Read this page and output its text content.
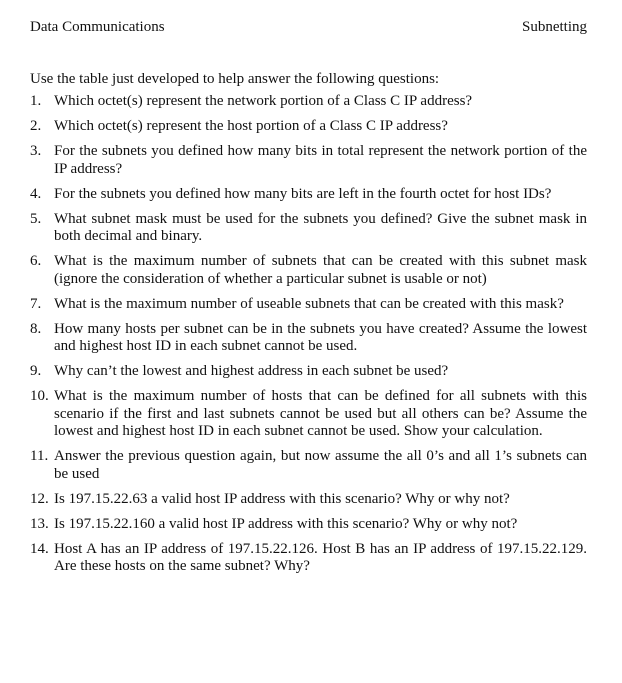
Data Communications	Subnetting
Use the table just developed to help answer the following questions:
1. Which octet(s) represent the network portion of a Class C IP address?
2. Which octet(s) represent the host portion of a Class C IP address?
3. For the subnets you defined how many bits in total represent the network portion of the IP address?
4. For the subnets you defined how many bits are left in the fourth octet for host IDs?
5. What subnet mask must be used for the subnets you defined? Give the subnet mask in both decimal and binary.
6. What is the maximum number of subnets that can be created with this subnet mask (ignore the consideration of whether a particular subnet is usable or not)
7. What is the maximum number of useable subnets that can be created with this mask?
8. How many hosts per subnet can be in the subnets you have created? Assume the lowest and highest host ID in each subnet cannot be used.
9. Why can’t the lowest and highest address in each subnet be used?
10. What is the maximum number of hosts that can be defined for all subnets with this scenario if the first and last subnets cannot be used but all others can be? Assume the lowest and highest host ID in each subnet cannot be used. Show your calculation.
11. Answer the previous question again, but now assume the all 0’s and all 1’s subnets can be used
12. Is 197.15.22.63 a valid host IP address with this scenario? Why or why not?
13. Is 197.15.22.160 a valid host IP address with this scenario? Why or why not?
14. Host A has an IP address of 197.15.22.126. Host B has an IP address of 197.15.22.129. Are these hosts on the same subnet? Why?
